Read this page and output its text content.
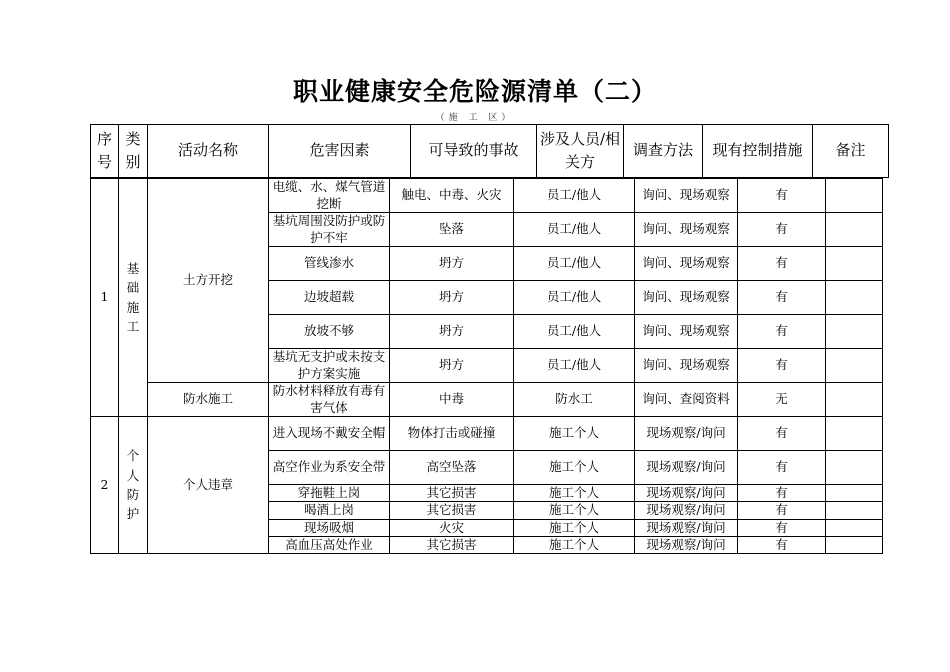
职业健康安全危险源清单（二）
（施 工 区）
序号	类别	活动名称	危害因素	可导致的事故	涉及人员/相关方	调查方法	现有控制措施	备注
1	基础施工	土方开挖	电缆、水、煤气管道挖断	触电、中毒、火灾	员工/他人	询问、现场观察	有	
			基坑周围没防护或防护不牢	坠落	员工/他人	询问、现场观察	有	
			管线渗水	坍方	员工/他人	询问、现场观察	有	
			边坡超载	坍方	员工/他人	询问、现场观察	有	
			放坡不够	坍方	员工/他人	询问、现场观察	有	
			基坑无支护或未按支护方案实施	坍方	员工/他人	询问、现场观察	有	
		防水施工	防水材料释放有毒有害气体	中毒	防水工	询问、查阅资料	无	
2	个人防护	个人违章	进入现场不戴安全帽	物体打击或碰撞	施工个人	现场观察/询问	有	
			高空作业为系安全带	高空坠落	施工个人	现场观察/询问	有	
			穿拖鞋上岗	其它损害	施工个人	现场观察/询问	有	
			喝酒上岗	其它损害	施工个人	现场观察/询问	有	
			现场吸烟	火灾	施工个人	现场观察/询问	有	
			高血压高处作业	其它损害	施工个人	现场观察/询问	有	
